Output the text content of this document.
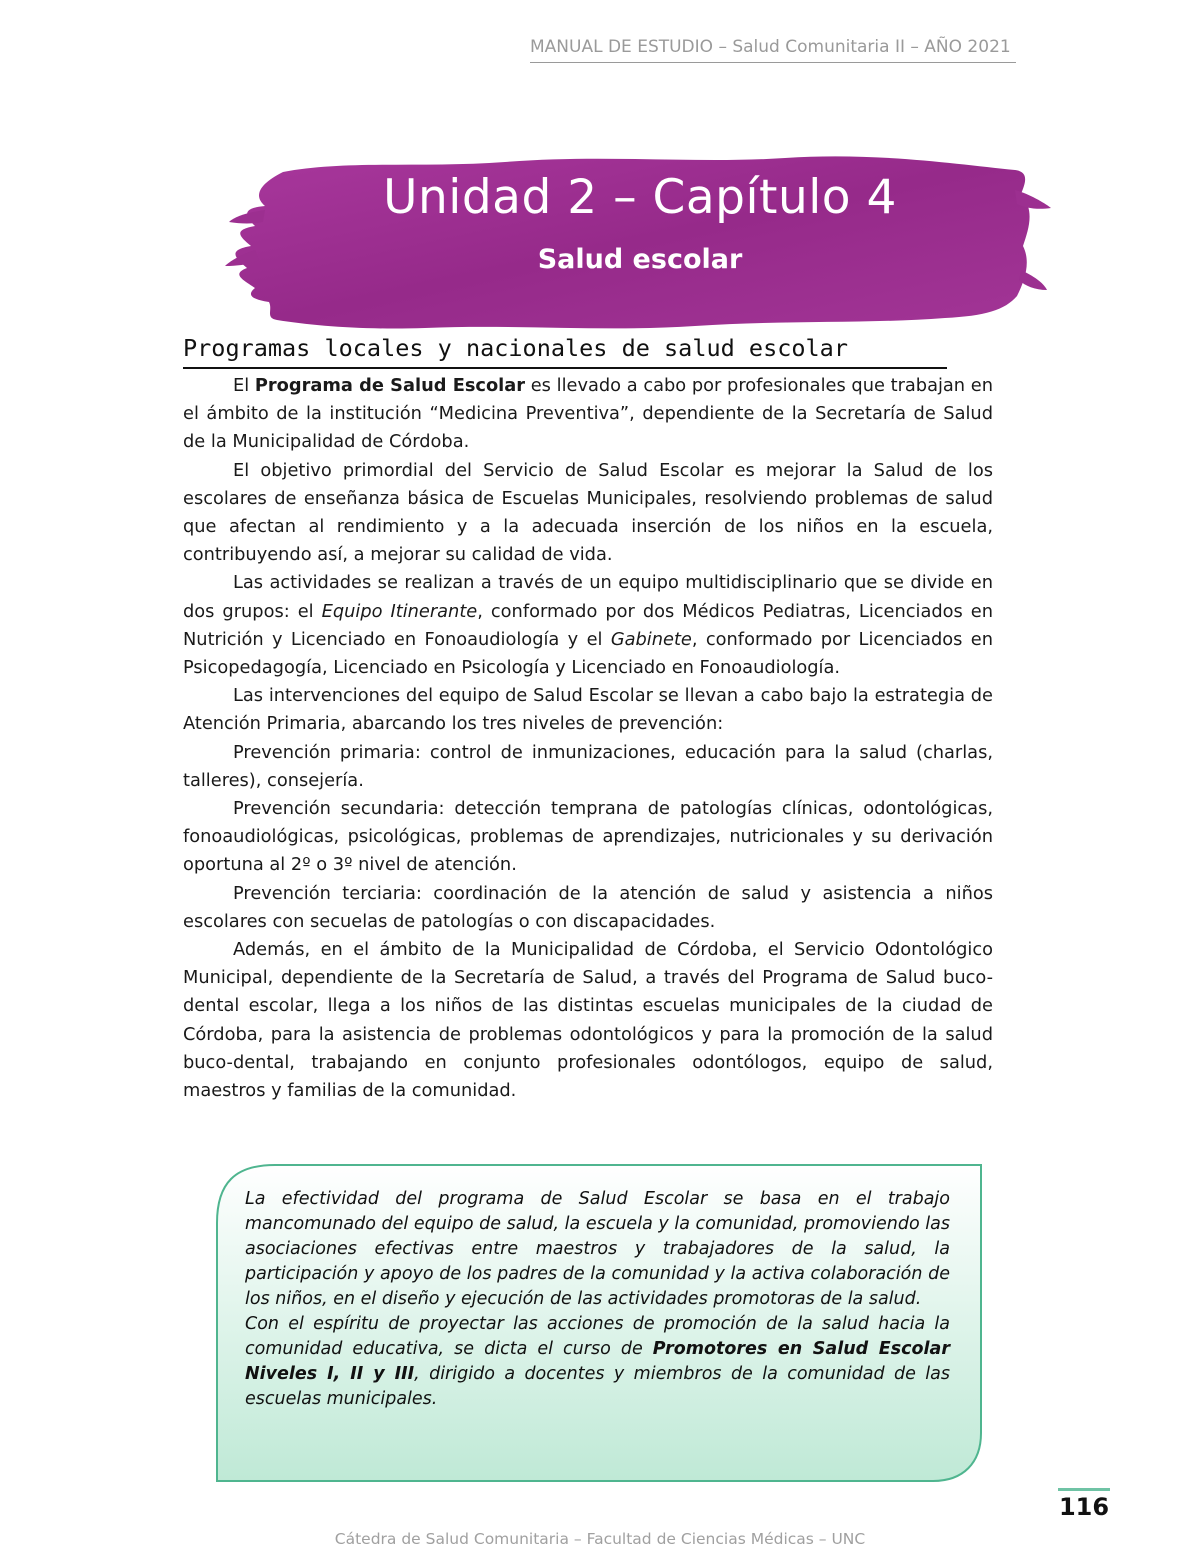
MANUAL DE ESTUDIO – Salud Comunitaria II – AÑO 2021
Unidad 2 – Capítulo 4
Salud escolar
Programas locales y nacionales de salud escolar

El Programa de Salud Escolar es llevado a cabo por profesionales que trabajan en el ámbito de la institución “Medicina Preventiva”, dependiente de la Secretaría de Salud de la Municipalidad de Córdoba.

El objetivo primordial del Servicio de Salud Escolar es mejorar la Salud de los escolares de enseñanza básica de Escuelas Municipales, resolviendo problemas de salud que afectan al rendimiento y a la adecuada inserción de los niños en la escuela, contribuyendo así, a mejorar su calidad de vida.

Las actividades se realizan a través de un equipo multidisciplinario que se divide en dos grupos: el Equipo Itinerante, conformado por dos Médicos Pediatras, Licenciados en Nutrición y Licenciado en Fonoaudiología y el Gabinete, conformado por Licenciados en Psicopedagogía, Licenciado en Psicología y Licenciado en Fonoaudiología.

Las intervenciones del equipo de Salud Escolar se llevan a cabo bajo la estrategia de Atención Primaria, abarcando los tres niveles de prevención:

Prevención primaria: control de inmunizaciones, educación para la salud (charlas, talleres), consejería.

Prevención secundaria: detección temprana de patologías clínicas, odontológicas, fonoaudiológicas, psicológicas, problemas de aprendizajes, nutricionales y su derivación oportuna al 2º o 3º nivel de atención.

Prevención terciaria: coordinación de la atención de salud y asistencia a niños escolares con secuelas de patologías o con discapacidades.

Además, en el ámbito de la Municipalidad de Córdoba, el Servicio Odontológico Municipal, dependiente de la Secretaría de Salud, a través del Programa de Salud buco-dental escolar, llega a los niños de las distintas escuelas municipales de la ciudad de Córdoba, para la asistencia de problemas odontológicos y para la promoción de la salud buco-dental, trabajando en conjunto profesionales odontólogos, equipo de salud, maestros y familias de la comunidad.

La efectividad del programa de Salud Escolar se basa en el trabajo mancomunado del equipo de salud, la escuela y la comunidad, promoviendo las asociaciones efectivas entre maestros y trabajadores de la salud, la participación y apoyo de los padres de la comunidad y la activa colaboración de los niños, en el diseño y ejecución de las actividades promotoras de la salud.

Con el espíritu de proyectar las acciones de promoción de la salud hacia la comunidad educativa, se dicta el curso de Promotores en Salud Escolar Niveles I, II y III, dirigido a docentes y miembros de la comunidad de las escuelas municipales.

116
Cátedra de Salud Comunitaria – Facultad de Ciencias Médicas – UNC
